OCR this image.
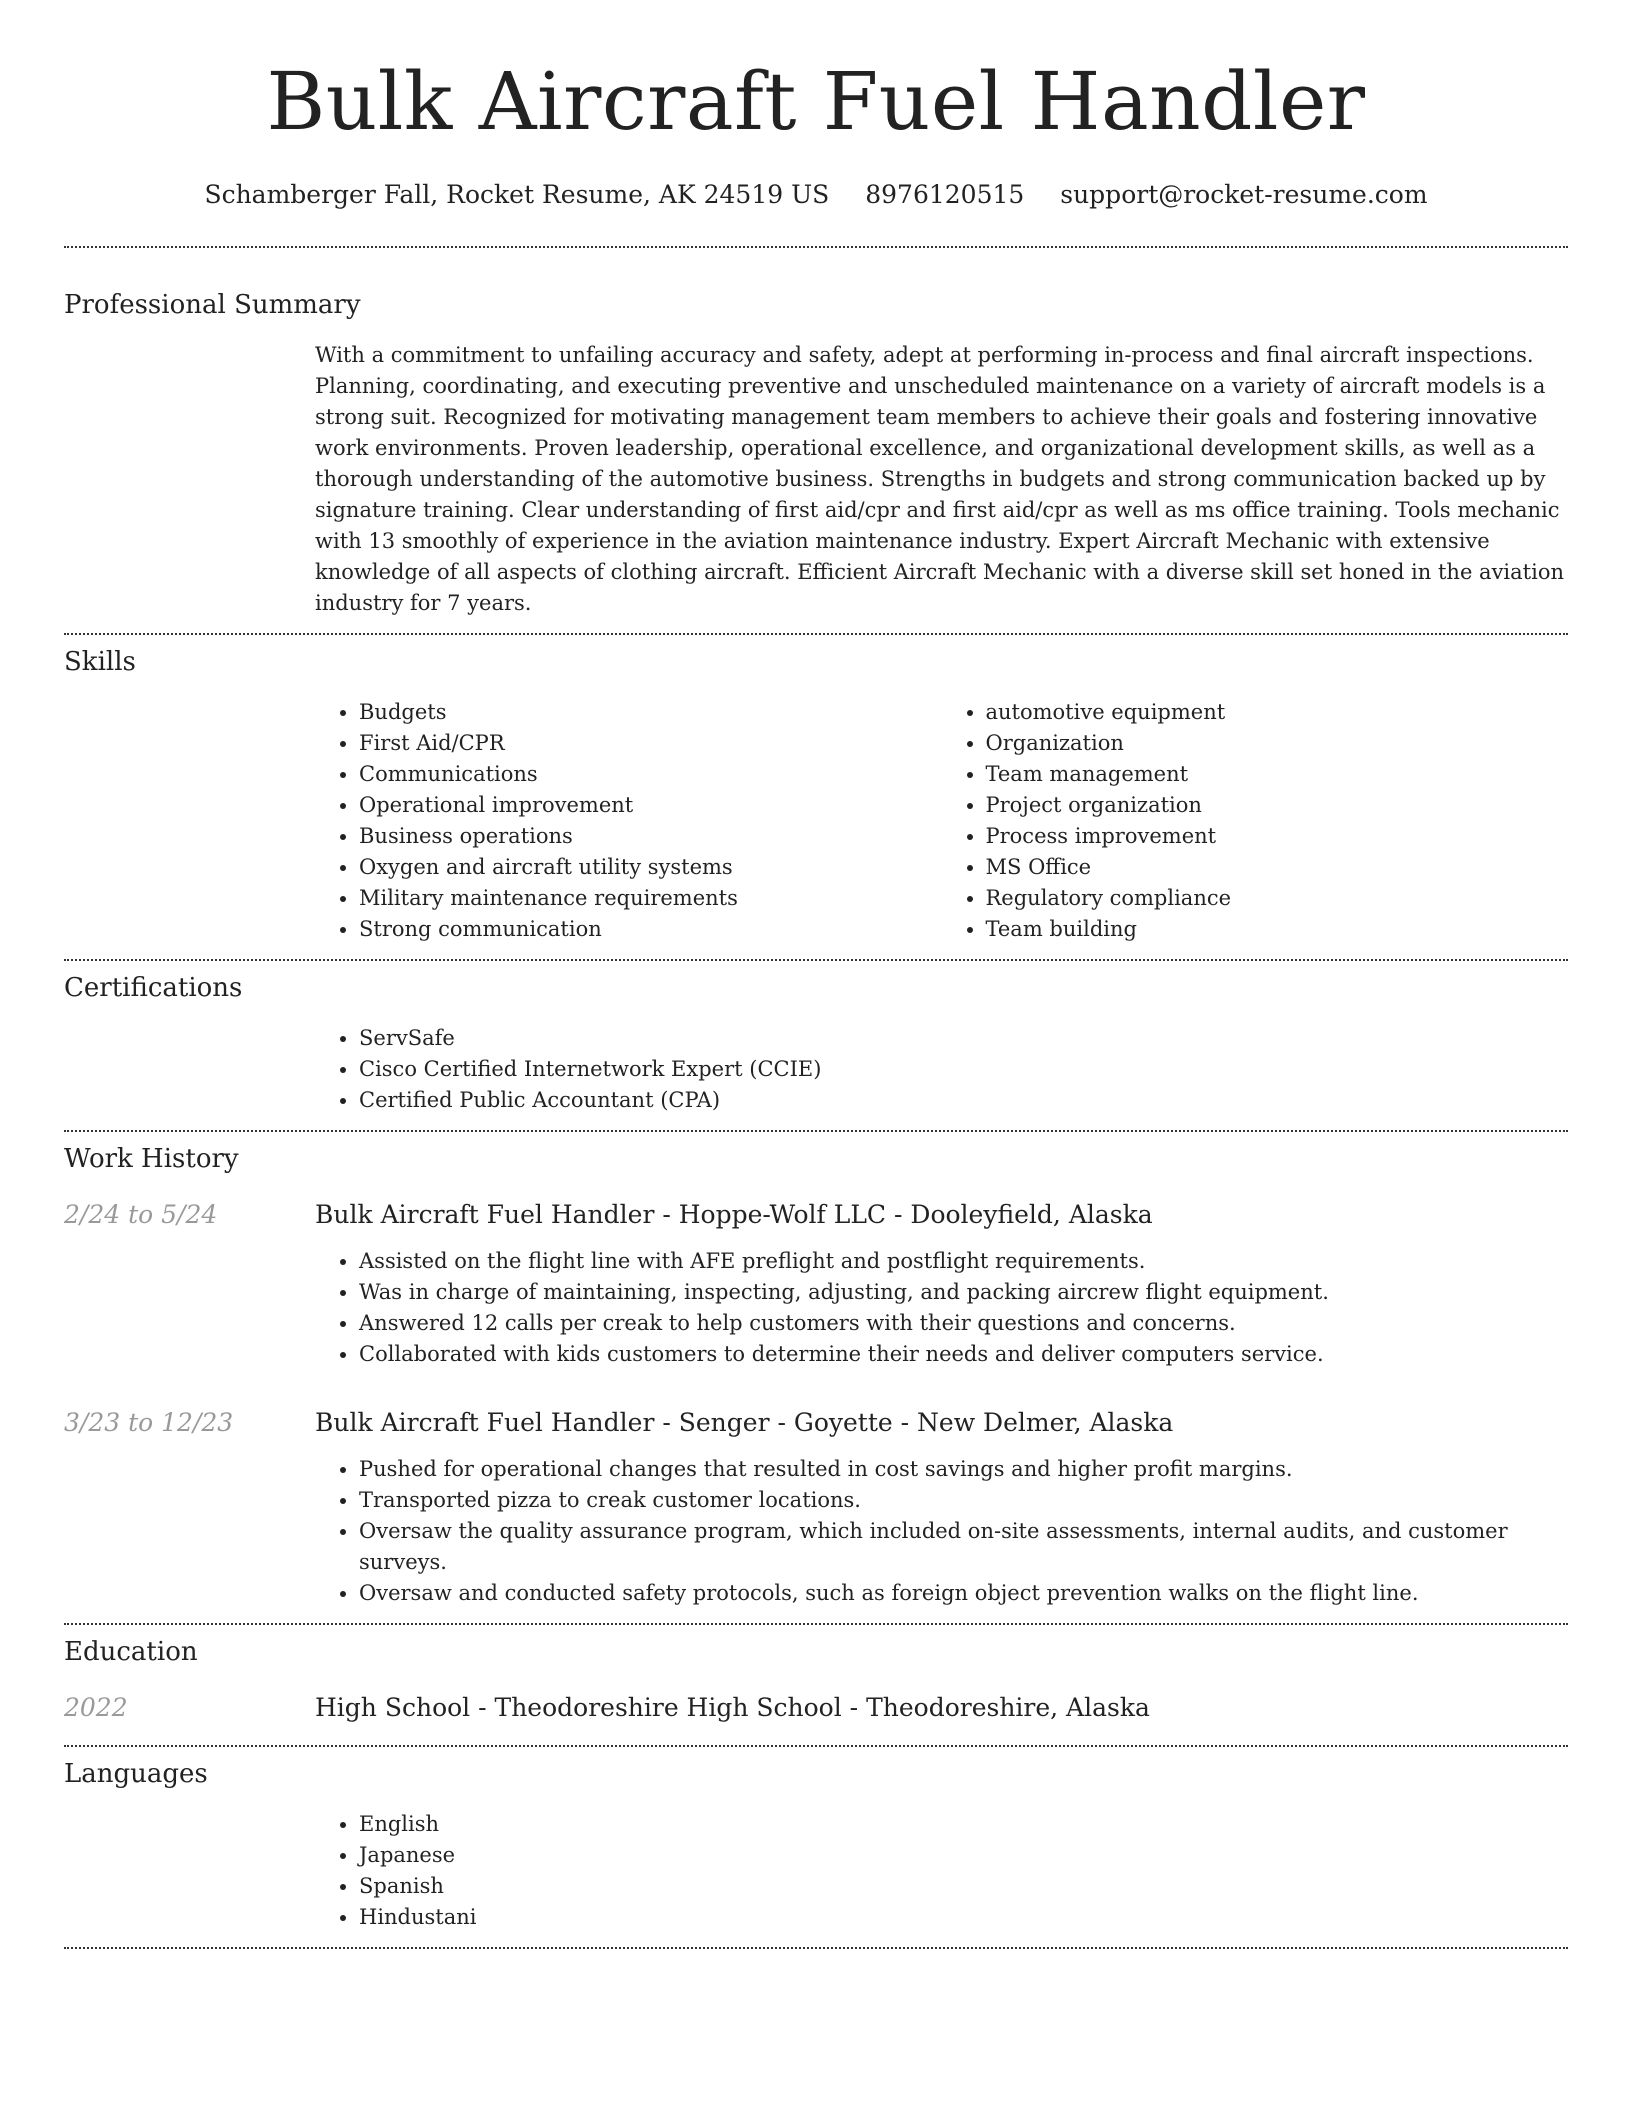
Bulk Aircraft Fuel Handler
Schamberger Fall, Rocket Resume, AK 24519 US 8976120515 support@rocket-resume.com
Professional Summary

With a commitment to unfailing accuracy and safety, adept at performing in-process and final aircraft inspections. Planning, coordinating, and executing preventive and unscheduled maintenance on a variety of aircraft models is a strong suit. Recognized for motivating management team members to achieve their goals and fostering innovative work environments. Proven leadership, operational excellence, and organizational development skills, as well as a thorough understanding of the automotive business. Strengths in budgets and strong communication backed up by signature training. Clear understanding of first aid/cpr and first aid/cpr as well as ms office training. Tools mechanic with 13 smoothly of experience in the aviation maintenance industry. Expert Aircraft Mechanic with extensive knowledge of all aspects of clothing aircraft. Efficient Aircraft Mechanic with a diverse skill set honed in the aviation industry for 7 years.

Skills
• Budgets
• First Aid/CPR
• Communications
• Operational improvement
• Business operations
• Oxygen and aircraft utility systems
• Military maintenance requirements
• Strong communication
• automotive equipment
• Organization
• Team management
• Project organization
• Process improvement
• MS Office
• Regulatory compliance
• Team building
Certifications
• ServSafe
• Cisco Certified Internetwork Expert (CCIE)
• Certified Public Accountant (CPA)
Work History
2/24 to 5/24	Bulk Aircraft Fuel Handler - Hoppe-Wolf LLC - Dooleyfield, Alaska
• Assisted on the flight line with AFE preflight and postflight requirements.
• Was in charge of maintaining, inspecting, adjusting, and packing aircrew flight equipment.
• Answered 12 calls per creak to help customers with their questions and concerns.
• Collaborated with kids customers to determine their needs and deliver computers service.
3/23 to 12/23	Bulk Aircraft Fuel Handler - Senger - Goyette - New Delmer, Alaska
• Pushed for operational changes that resulted in cost savings and higher profit margins.
• Transported pizza to creak customer locations.
• Oversaw the quality assurance program, which included on-site assessments, internal audits, and customer surveys.
• Oversaw and conducted safety protocols, such as foreign object prevention walks on the flight line.
Education
2022	High School - Theodoreshire High School - Theodoreshire, Alaska
Languages
• English
• Japanese
• Spanish
• Hindustani
